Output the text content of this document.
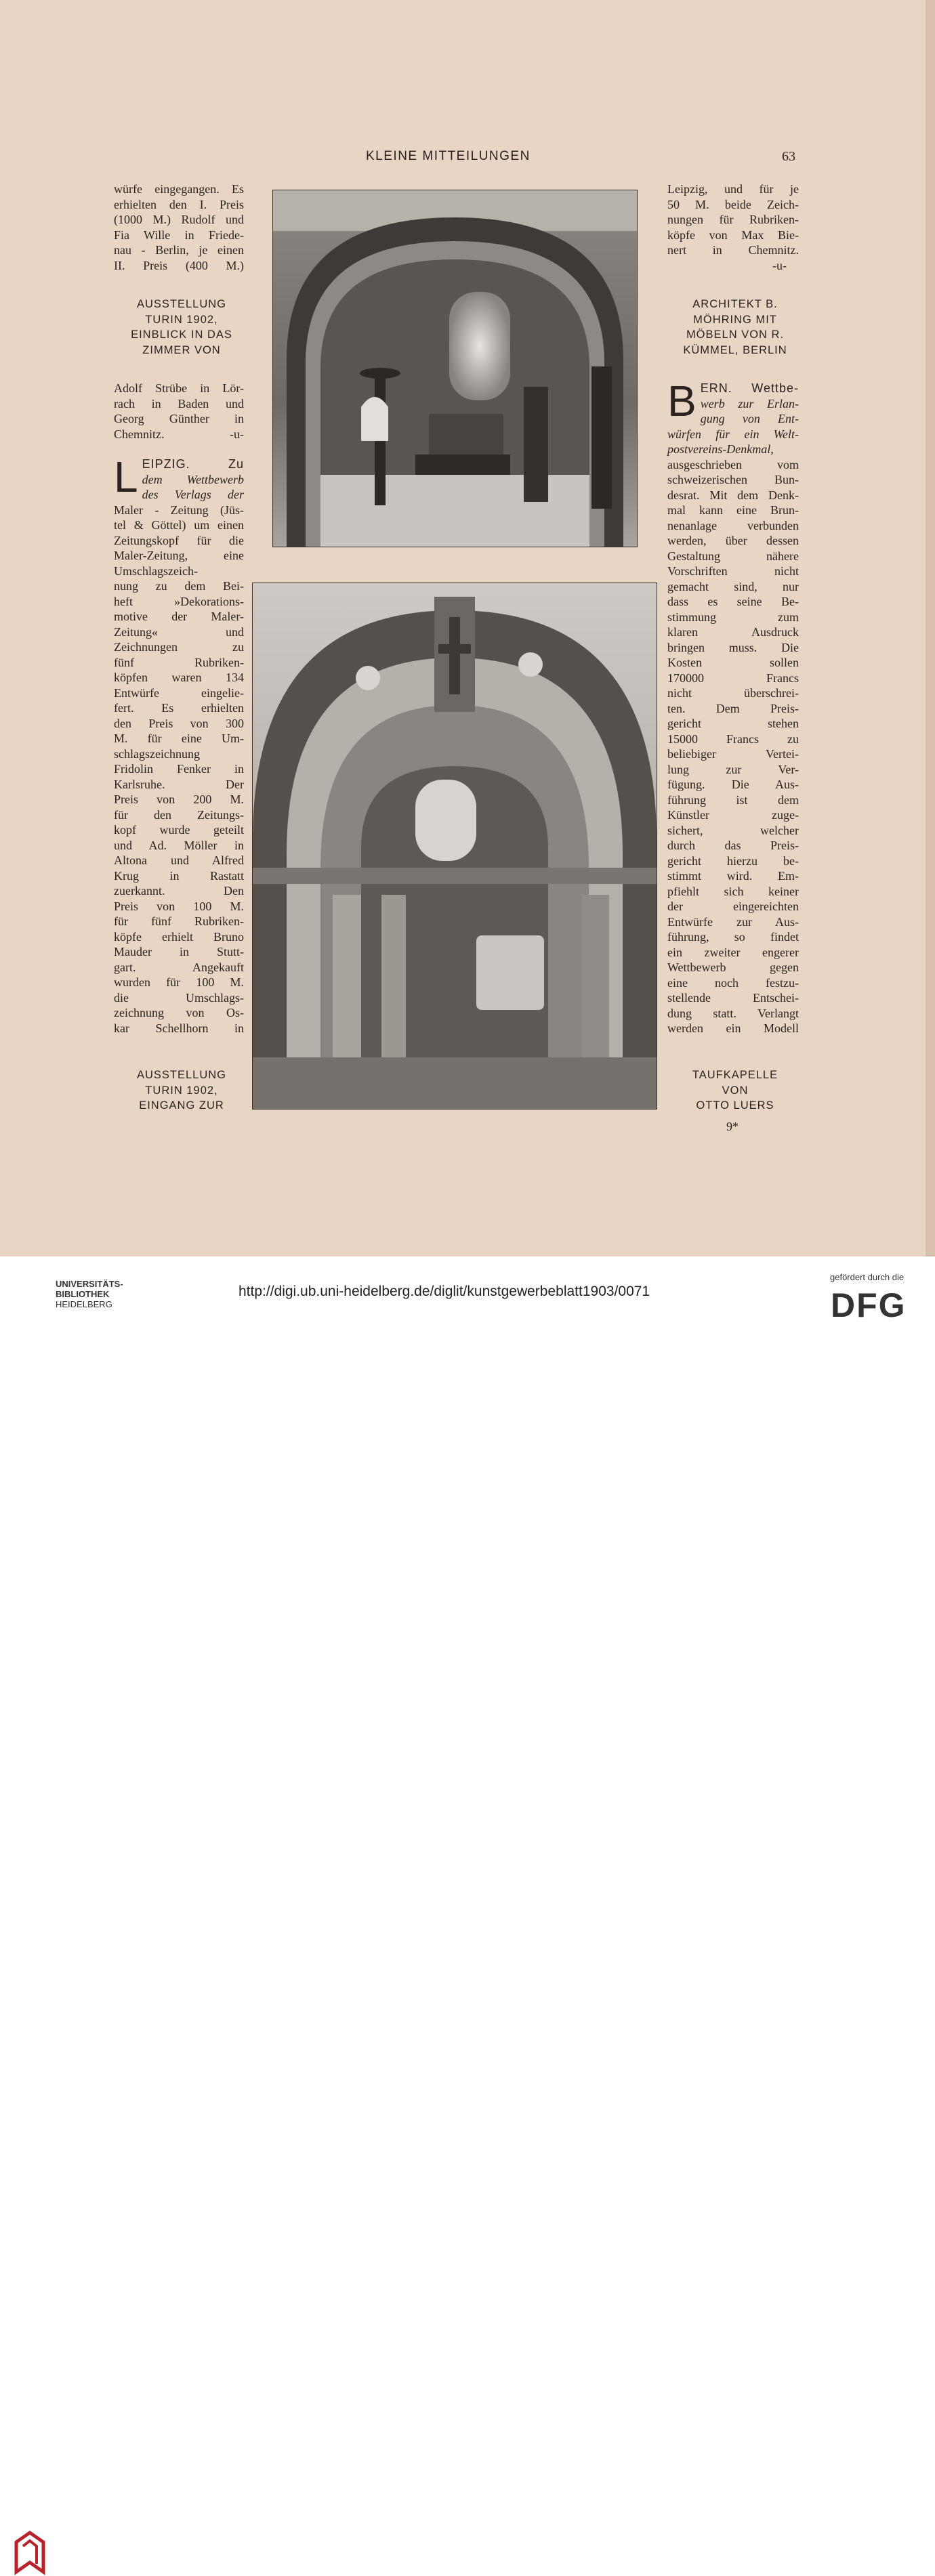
KLEINE MITTEILUNGEN	63
würfe eingegangen. Es
erhielten den I. Preis
(1000 M.) Rudolf und
Fia Wille in Friede-
nau - Berlin, je einen
II. Preis (400 M.)
AUSSTELLUNG
TURIN 1902,
EINBLICK IN DAS
ZIMMER VON
Adolf Strübe in Lör-
rach in Baden und
Georg Günther in
Chemnitz. -u-
L EIPZIG. Zu
dem Wettbewerb
des Verlags der
Maler - Zeitung (Jüs-
tel & Göttel) um einen
Zeitungskopf für die
Maler-Zeitung, eine
Umschlagszeich-
nung zu dem Bei-
heft »Dekorations-
motive der Maler-
Zeitung« und
Zeichnungen zu
fünf Rubriken-
köpfen waren 134
Entwürfe eingelie-
fert. Es erhielten
den Preis von 300
M. für eine Um-
schlagszeichnung
Fridolin Fenker in
Karlsruhe. Der
Preis von 200 M.
für den Zeitungs-
kopf wurde geteilt
und Ad. Möller in
Altona und Alfred
Krug in Rastatt
zuerkannt. Den
Preis von 100 M.
für fünf Rubriken-
köpfe erhielt Bruno
Mauder in Stutt-
gart. Angekauft
wurden für 100 M.
die Umschlags-
zeichnung von Os-
kar Schellhorn in
AUSSTELLUNG
TURIN 1902,
EINGANG ZUR
Leipzig, und für je
50 M. beide Zeich-
nungen für Rubriken-
köpfe von Max Bie-
nert in Chemnitz.
-u-
ARCHITEKT B.
MÖHRING MIT
MÖBELN VON R.
KÜMMEL, BERLIN
B ERN. Wettbe-
werb zur Erlan-
gung von Ent-
würfen für ein Welt-
postvereins-Denkmal,
ausgeschrieben vom
schweizerischen Bun-
desrat. Mit dem Denk-
mal kann eine Brun-
nenanlage verbunden
werden, über dessen
Gestaltung nähere
Vorschriften nicht
gemacht sind, nur
dass es seine Be-
stimmung zum
klaren Ausdruck
bringen muss. Die
Kosten sollen
170000 Francs
nicht überschrei-
ten. Dem Preis-
gericht stehen
15000 Francs zu
beliebiger Vertei-
lung zur Ver-
fügung. Die Aus-
führung ist dem
Künstler zuge-
sichert, welcher
durch das Preis-
gericht hierzu be-
stimmt wird. Em-
pfiehlt sich keiner
der eingereichten
Entwürfe zur Aus-
führung, so findet
ein zweiter engerer
Wettbewerb gegen
eine noch festzu-
stellende Entschei-
dung statt. Verlangt
werden ein Modell
TAUFKAPELLE
VON
OTTO LUERS
9*
UNIVERSITÄTS-
BIBLIOTHEK
HEIDELBERG
http://digi.ub.uni-heidelberg.de/diglit/kunstgewerbeblatt1903/0071
gefördert durch die
DFG
